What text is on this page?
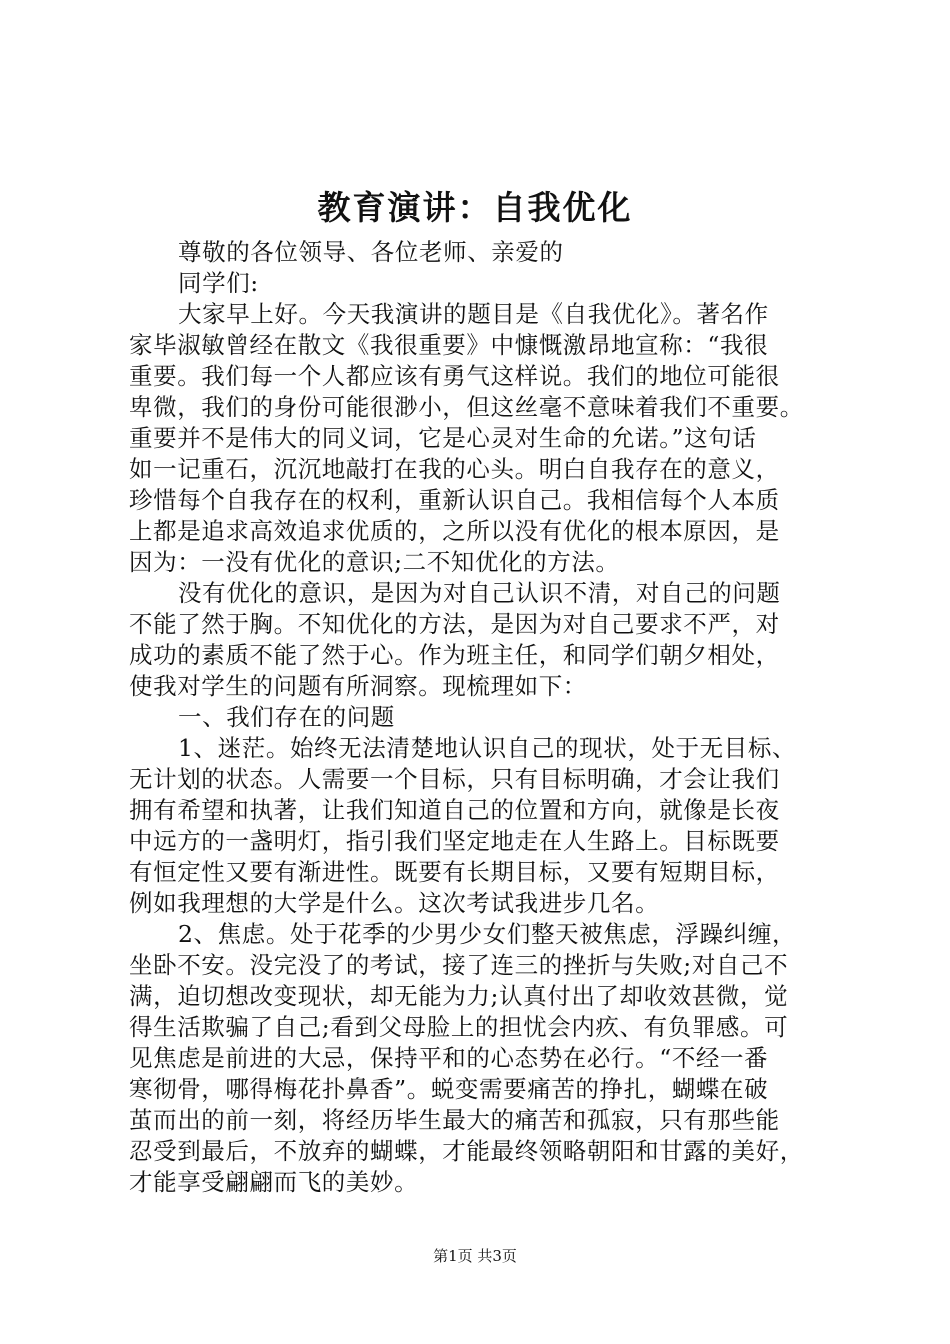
教育演讲：自我优化
尊敬的各位领导、各位老师、亲爱的
同学们:
大家早上好。今天我演讲的题目是《自我优化》。著名作
家毕淑敏曾经在散文《我很重要》中慷慨激昂地宣称：“我很
重要。我们每一个人都应该有勇气这样说。我们的地位可能很
卑微，我们的身份可能很渺小，但这丝毫不意味着我们不重要。
重要并不是伟大的同义词，它是心灵对生命的允诺。”这句话
如一记重石，沉沉地敲打在我的心头。明白自我存在的意义，
珍惜每个自我存在的权利，重新认识自己。我相信每个人本质
上都是追求高效追求优质的，之所以没有优化的根本原因，是
因为：一没有优化的意识;二不知优化的方法。
没有优化的意识，是因为对自己认识不清，对自己的问题
不能了然于胸。不知优化的方法，是因为对自己要求不严，对
成功的素质不能了然于心。作为班主任，和同学们朝夕相处，
使我对学生的问题有所洞察。现梳理如下：
一、我们存在的问题
1、迷茫。始终无法清楚地认识自己的现状，处于无目标、
无计划的状态。人需要一个目标，只有目标明确，才会让我们
拥有希望和执著，让我们知道自己的位置和方向，就像是长夜
中远方的一盏明灯，指引我们坚定地走在人生路上。目标既要
有恒定性又要有渐进性。既要有长期目标，又要有短期目标，
例如我理想的大学是什么。这次考试我进步几名。
2、焦虑。处于花季的少男少女们整天被焦虑，浮躁纠缠，
坐卧不安。没完没了的考试，接了连三的挫折与失败;对自己不
满，迫切想改变现状，却无能为力;认真付出了却收效甚微，觉
得生活欺骗了自己;看到父母脸上的担忧会内疚、有负罪感。可
见焦虑是前进的大忌，保持平和的心态势在必行。“不经一番
寒彻骨，哪得梅花扑鼻香”。蜕变需要痛苦的挣扎，蝴蝶在破
茧而出的前一刻，将经历毕生最大的痛苦和孤寂，只有那些能
忍受到最后，不放弃的蝴蝶，才能最终领略朝阳和甘露的美好，
才能享受翩翩而飞的美妙。
第1页 共3页
